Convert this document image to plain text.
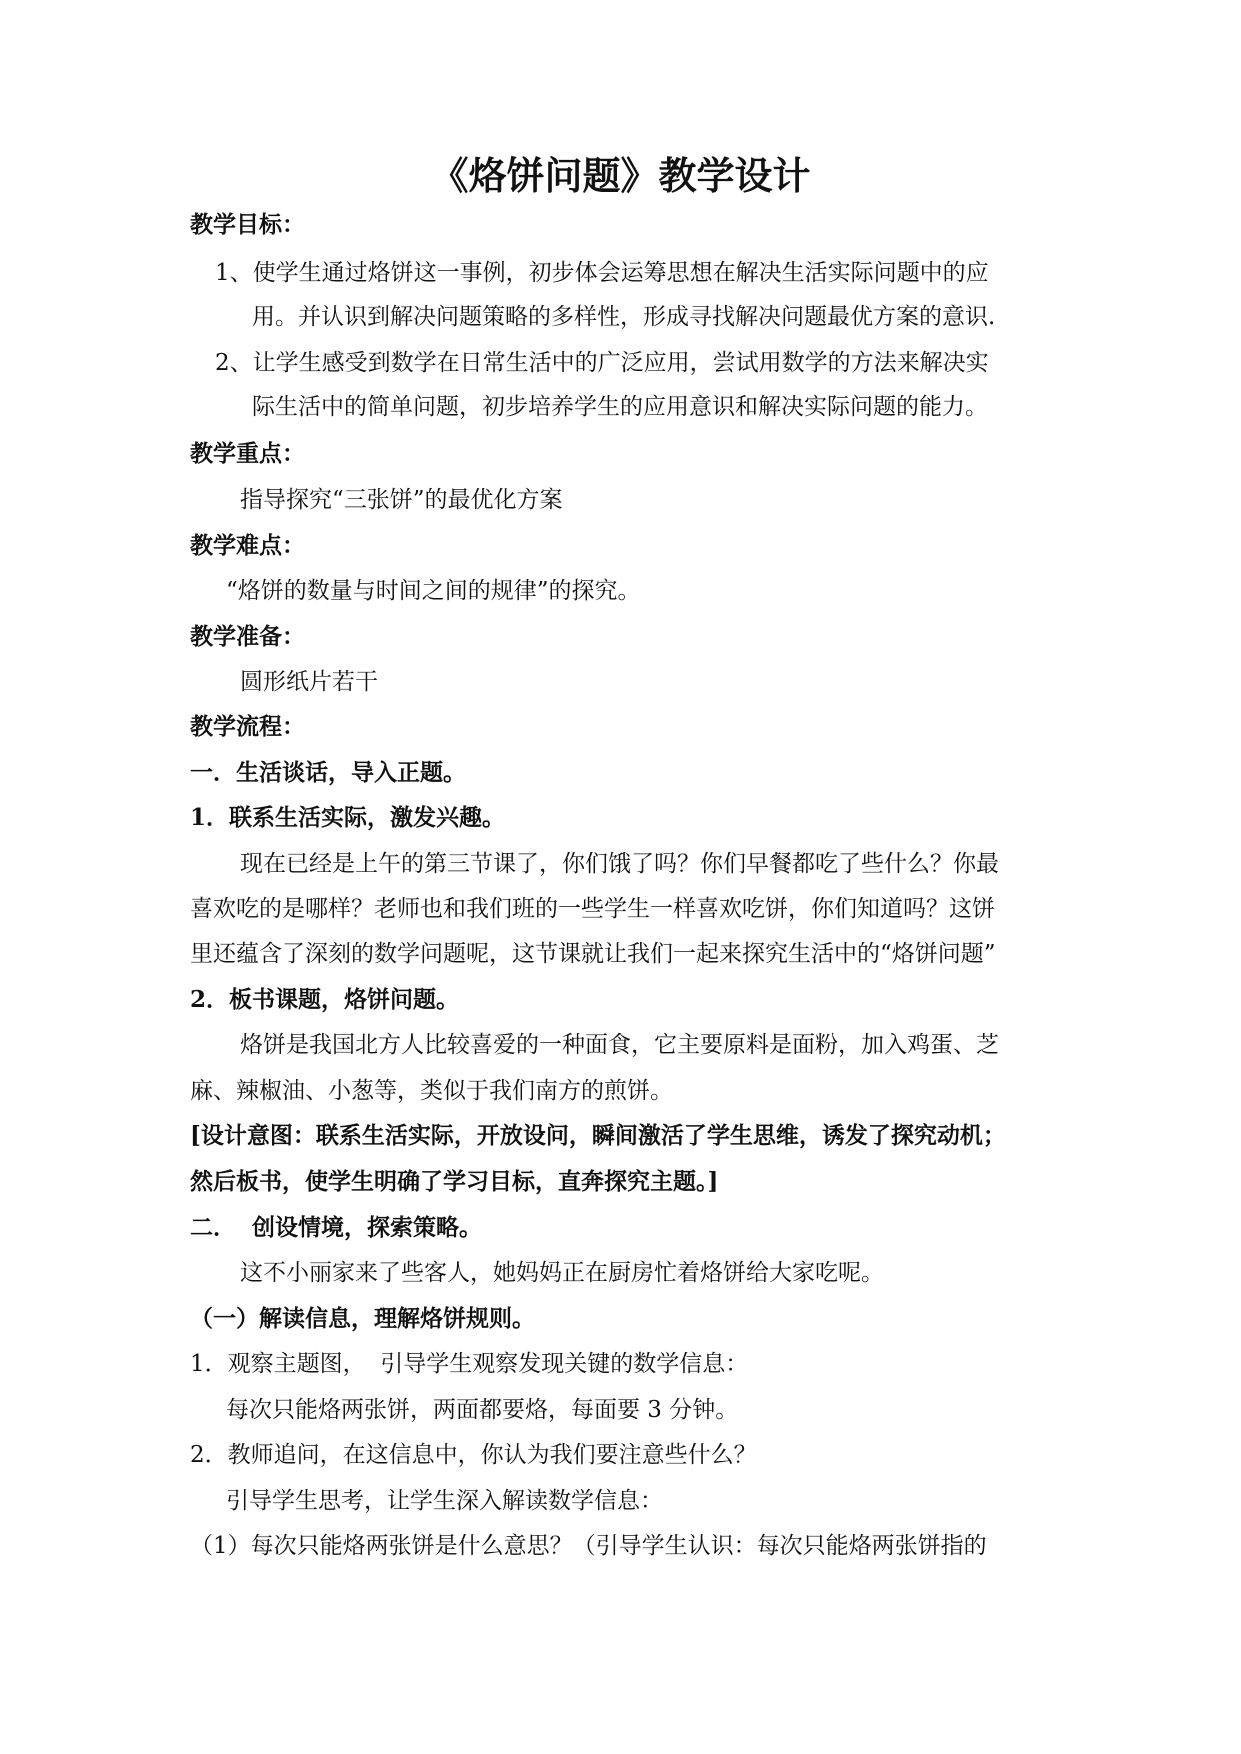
《烙饼问题》教学设计
教学目标：
1、使学生通过烙饼这一事例，初步体会运筹思想在解决生活实际问题中的应
用。并认识到解决问题策略的多样性，形成寻找解决问题最优方案的意识.
2、让学生感受到数学在日常生活中的广泛应用，尝试用数学的方法来解决实
际生活中的简单问题，初步培养学生的应用意识和解决实际问题的能力。
教学重点：
指导探究“三张饼”的最优化方案
教学难点：
“烙饼的数量与时间之间的规律”的探究。
教学准备：
圆形纸片若干
教学流程：
一．生活谈话，导入正题。
1．联系生活实际，激发兴趣。
现在已经是上午的第三节课了，你们饿了吗？你们早餐都吃了些什么？你最
喜欢吃的是哪样？老师也和我们班的一些学生一样喜欢吃饼，你们知道吗？这饼
里还蕴含了深刻的数学问题呢，这节课就让我们一起来探究生活中的“烙饼问题”
2．板书课题，烙饼问题。
烙饼是我国北方人比较喜爱的一种面食，它主要原料是面粉，加入鸡蛋、芝
麻、辣椒油、小葱等，类似于我们南方的煎饼。
[设计意图：联系生活实际，开放设问，瞬间激活了学生思维，诱发了探究动机；
然后板书，使学生明确了学习目标，直奔探究主题。]
二．  创设情境，探索策略。
这不小丽家来了些客人，她妈妈正在厨房忙着烙饼给大家吃呢。
（一）解读信息，理解烙饼规则。
1．观察主题图，  引导学生观察发现关键的数学信息：
每次只能烙两张饼，两面都要烙，每面要 3 分钟。
2．教师追问，在这信息中，你认为我们要注意些什么？
引导学生思考，让学生深入解读数学信息：
（1）每次只能烙两张饼是什么意思？（引导学生认识：每次只能烙两张饼指的
